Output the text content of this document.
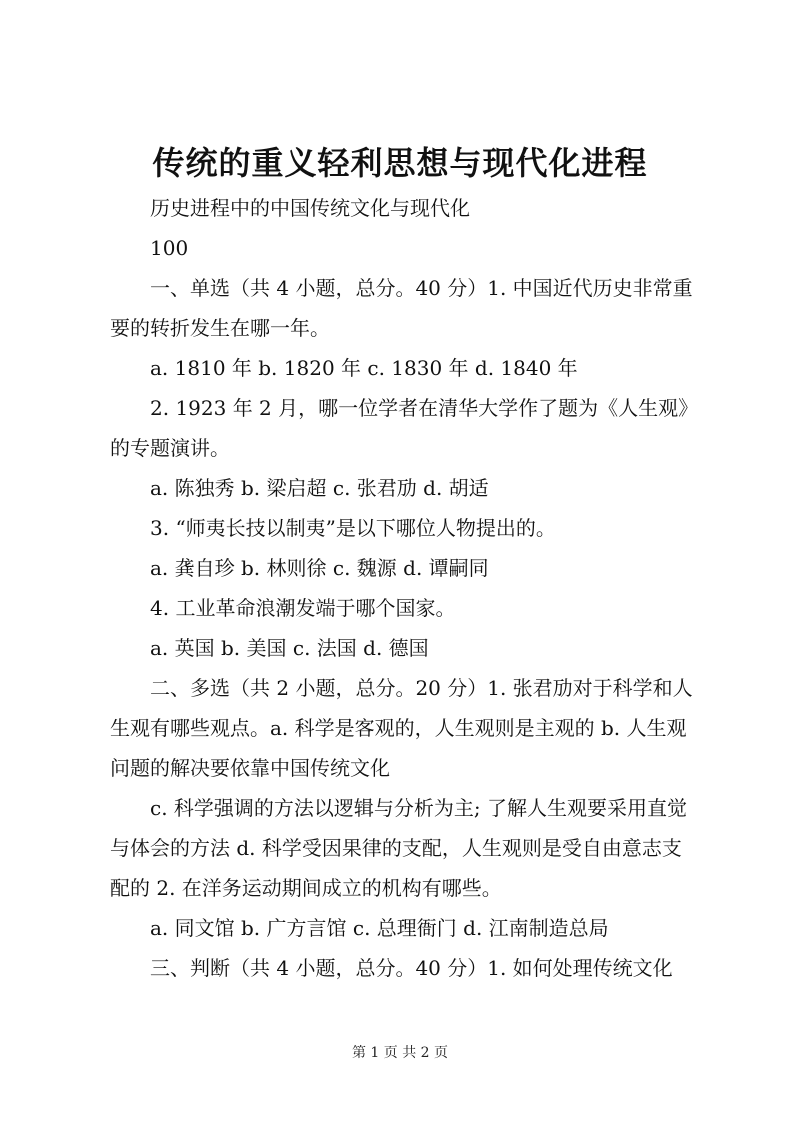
传统的重义轻利思想与现代化进程

历史进程中的中国传统文化与现代化

100

一、单选（共 4 小题，总分。40 分）1. 中国近代历史非常重要的转折发生在哪一年。

a. 1810 年 b. 1820 年 c. 1830 年 d. 1840 年

2. 1923 年 2 月，哪一位学者在清华大学作了题为《人生观》的专题演讲。

a. 陈独秀 b. 梁启超 c. 张君劢 d. 胡适

3. “师夷长技以制夷”是以下哪位人物提出的。

a. 龚自珍 b. 林则徐 c. 魏源 d. 谭嗣同

4. 工业革命浪潮发端于哪个国家。

a. 英国 b. 美国 c. 法国 d. 德国

二、多选（共 2 小题，总分。20 分）1. 张君劢对于科学和人生观有哪些观点。a. 科学是客观的，人生观则是主观的 b. 人生观问题的解决要依靠中国传统文化

c. 科学强调的方法以逻辑与分析为主; 了解人生观要采用直觉与体会的方法 d. 科学受因果律的支配，人生观则是受自由意志支配的 2. 在洋务运动期间成立的机构有哪些。

a. 同文馆 b. 广方言馆 c. 总理衙门 d. 江南制造总局

三、判断（共 4 小题，总分。40 分）1. 如何处理传统文化

第 1 页 共 2 页
